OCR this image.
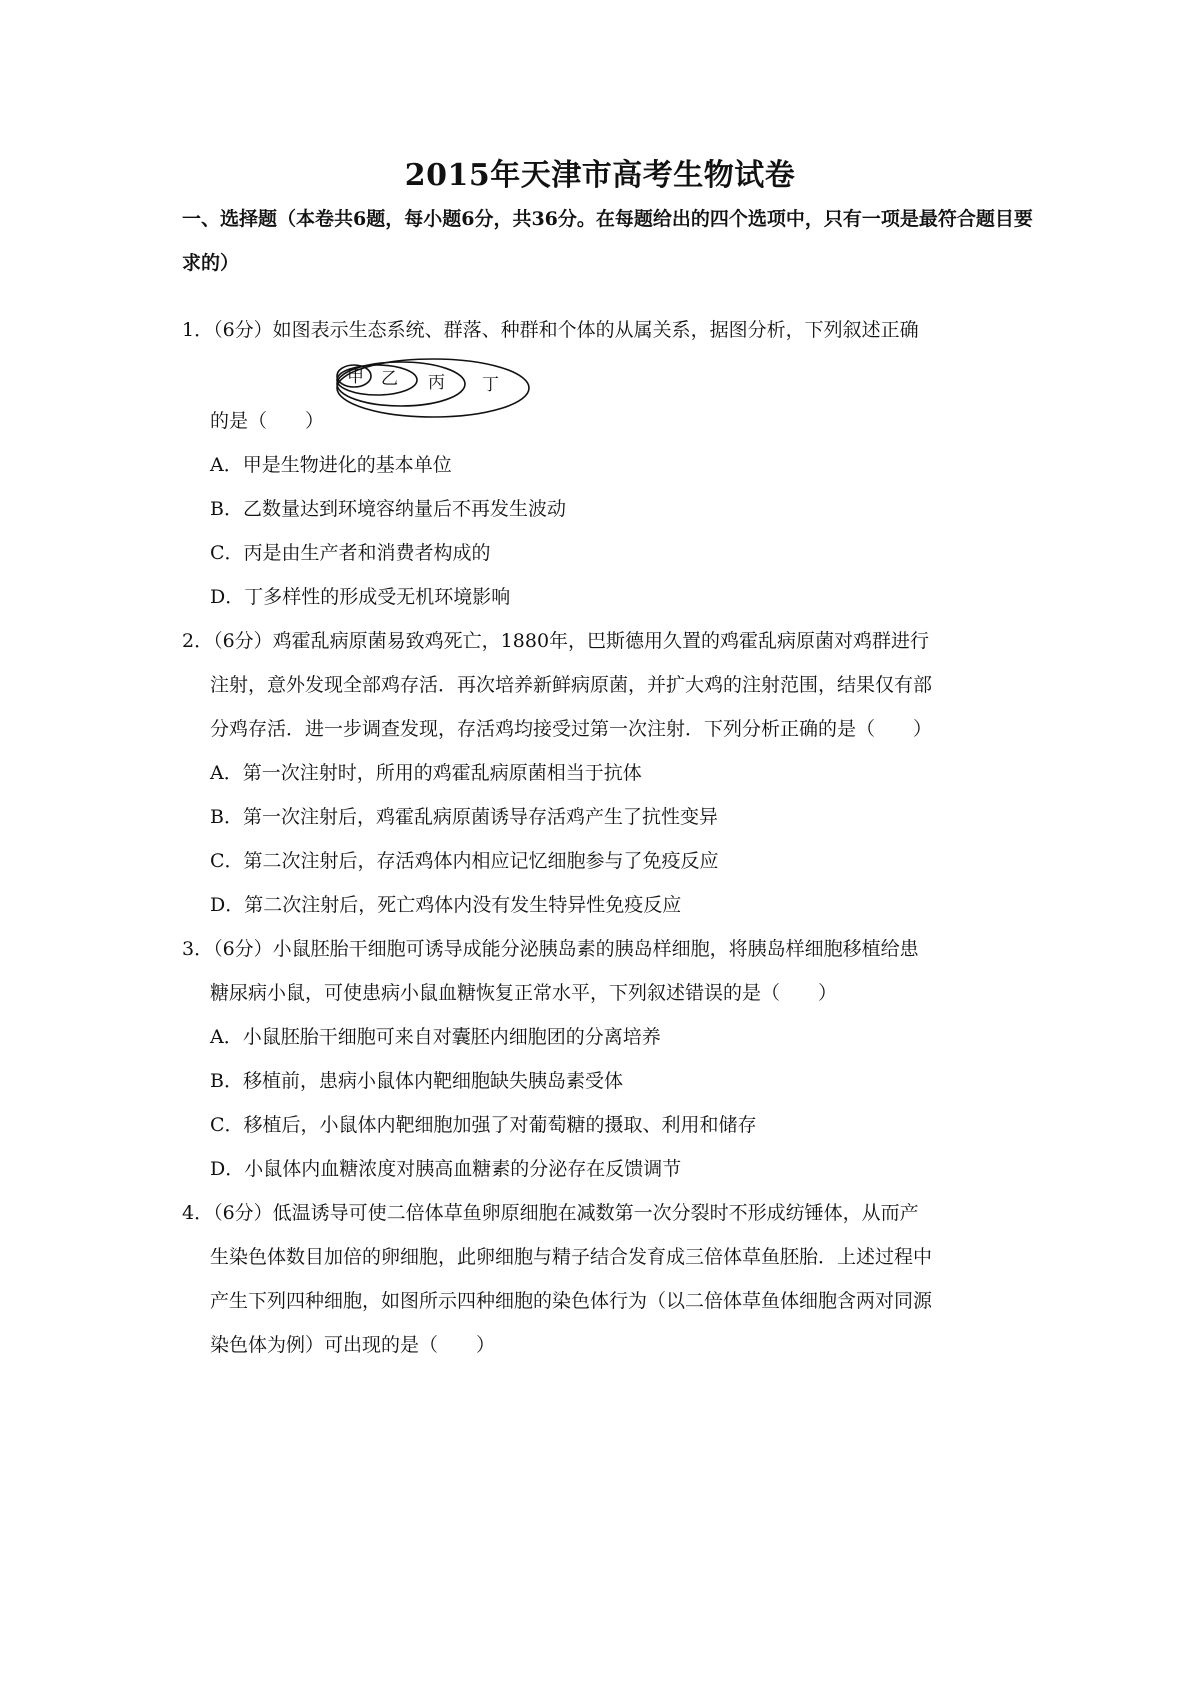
2015年天津市高考生物试卷
一、选择题（本卷共6题，每小题6分，共36分。在每题给出的四个选项中，只有一项是最符合题目要求的）
1．（6分）如图表示生态系统、群落、种群和个体的从属关系，据图分析，下列叙述正确
甲 乙 丙 丁
的是（　　）
A．甲是生物进化的基本单位
B．乙数量达到环境容纳量后不再发生波动
C．丙是由生产者和消费者构成的
D．丁多样性的形成受无机环境影响
2．（6分）鸡霍乱病原菌易致鸡死亡，1880年，巴斯德用久置的鸡霍乱病原菌对鸡群进行
注射，意外发现全部鸡存活．再次培养新鲜病原菌，并扩大鸡的注射范围，结果仅有部
分鸡存活．进一步调查发现，存活鸡均接受过第一次注射．下列分析正确的是（　　）
A．第一次注射时，所用的鸡霍乱病原菌相当于抗体
B．第一次注射后，鸡霍乱病原菌诱导存活鸡产生了抗性变异
C．第二次注射后，存活鸡体内相应记忆细胞参与了免疫反应
D．第二次注射后，死亡鸡体内没有发生特异性免疫反应
3．（6分）小鼠胚胎干细胞可诱导成能分泌胰岛素的胰岛样细胞，将胰岛样细胞移植给患
糖尿病小鼠，可使患病小鼠血糖恢复正常水平，下列叙述错误的是（　　）
A．小鼠胚胎干细胞可来自对囊胚内细胞团的分离培养
B．移植前，患病小鼠体内靶细胞缺失胰岛素受体
C．移植后，小鼠体内靶细胞加强了对葡萄糖的摄取、利用和储存
D．小鼠体内血糖浓度对胰高血糖素的分泌存在反馈调节
4．（6分）低温诱导可使二倍体草鱼卵原细胞在减数第一次分裂时不形成纺锤体，从而产
生染色体数目加倍的卵细胞，此卵细胞与精子结合发育成三倍体草鱼胚胎．上述过程中
产生下列四种细胞，如图所示四种细胞的染色体行为（以二倍体草鱼体细胞含两对同源
染色体为例）可出现的是（　　）
